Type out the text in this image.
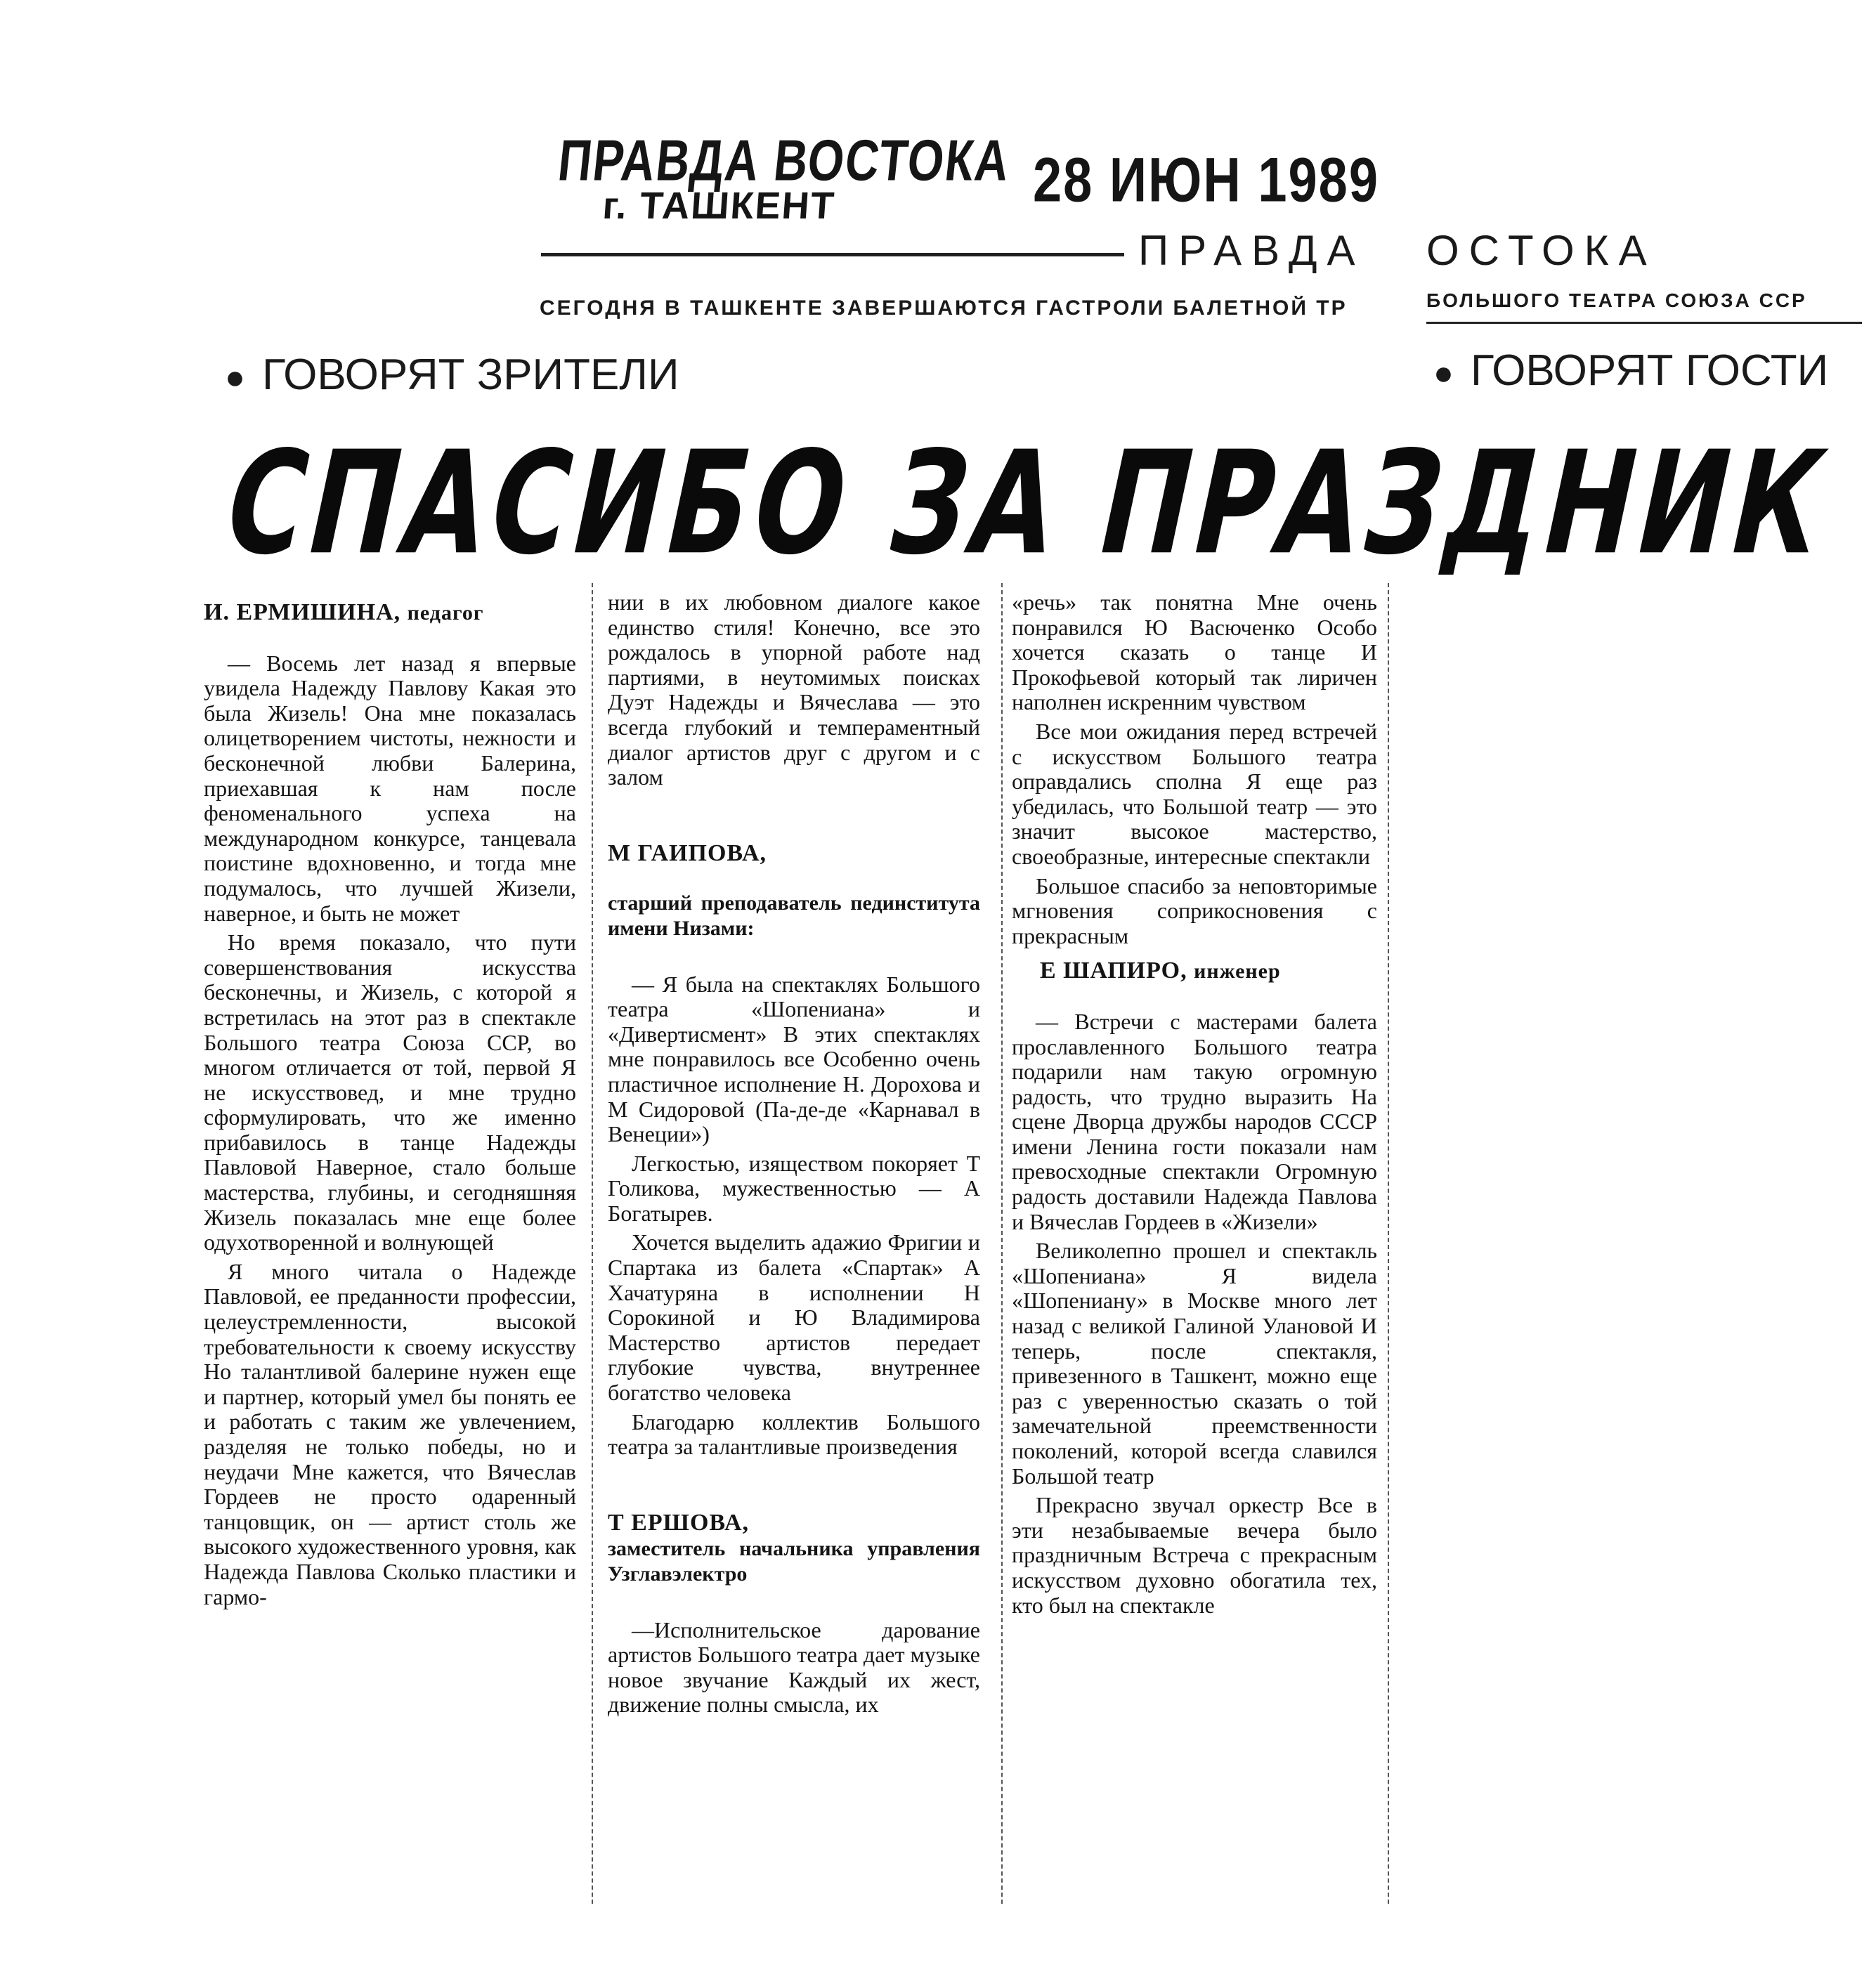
ПРАВДА ВОСТОКА
г. ТАШКЕНТ	28 ИЮН 1989
ПРАВДА ОСТОКА
СЕГОДНЯ В ТАШКЕНТЕ ЗАВЕРШАЮТСЯ ГАСТРОЛИ БАЛЕТНОЙ ТР	БОЛЬШОГО ТЕАТРА СОЮЗА ССР
● ГОВОРЯТ ЗРИТЕЛИ	● ГОВОРЯТ ГОСТИ
СПАСИБО ЗА ПРАЗДНИК
И. ЕРМИШИНА, педагог

— Восемь лет назад я впервые увидела Надежду Павлову Какая это была Жизель! Она мне показалась олицетворением чистоты, нежности и бесконечной любви Балерина, приехавшая к нам после феноменального успеха на международном конкурсе, танцевала поистине вдохновенно, и тогда мне подумалось, что лучшей Жизели, наверное, и быть не может

Но время показало, что пути совершенствования искусства бесконечны, и Жизель, с которой я встретилась на этот раз в спектакле Большого театра Союза ССР, во многом отличается от той, первой Я не искусствовед, и мне трудно сформулировать, что же именно прибавилось в танце Надежды Павловой Наверное, стало больше мастерства, глубины, и сегодняшняя Жизель показалась мне еще более одухотворенной и волнующей

Я много читала о Надежде Павловой, ее преданности профессии, целеустремленности, высокой требовательности к своему искусству Но талантливой балерине нужен еще и партнер, который умел бы понять ее и работать с таким же увлечением, разделяя не только победы, но и неудачи Мне кажется, что Вячеслав Гордеев не просто одаренный танцовщик, он — артист столь же высокого художественного уровня, как Надежда Павлова Сколько пластики и гармо-

нии в их любовном диалоге какое единство стиля! Конечно, все это рождалось в упорной работе над партиями, в неутомимых поисках Дуэт Надежды и Вячеслава — это всегда глубокий и темпераментный диалог артистов друг с другом и с залом

М ГАИПОВА,
старший преподаватель пединститута имени Низами:

— Я была на спектаклях Большого театра «Шопениана» и «Дивертисмент» В этих спектаклях мне понравилось все Особенно очень пластичное исполнение Н. Дорохова и М Сидоровой (Па-де-де «Карнавал в Венеции»)

Легкостью, изяществом покоряет Т Голикова, мужественностью — А Богатырев.

Хочется выделить адажио Фригии и Спартака из балета «Спартак» А Хачатуряна в исполнении Н Сорокиной и Ю Владимирова Мастерство артистов передает глубокие чувства, внутреннее богатство человека

Благодарю коллектив Большого театра за талантливые произведения

Т ЕРШОВА,
заместитель начальника управления Узглавэлектро

—Исполнительское дарование артистов Большого театра дает музыке новое звучание Каждый их жест, движение полны смысла, их

«речь» так понятна Мне очень понравился Ю Васюченко Особо хочется сказать о танце И Прокофьевой который так лиричен наполнен искренним чувством

Все мои ожидания перед встречей с искусством Большого театра оправдались сполна Я еще раз убедилась, что Большой театр — это значит высокое мастерство, своеобразные, интересные спектакли

Большое спасибо за неповторимые мгновения соприкосновения с прекрасным

Е ШАПИРО, инженер

— Встречи с мастерами балета прославленного Большого театра подарили нам такую огромную радость, что трудно выразить На сцене Дворца дружбы народов СССР имени Ленина гости показали нам превосходные спектакли Огромную радость доставили Надежда Павлова и Вячеслав Гордеев в «Жизели»

Великолепно прошел и спектакль «Шопениана» Я видела «Шопениану» в Москве много лет назад с великой Галиной Улановой И теперь, после спектакля, привезенного в Ташкент, можно еще раз с уверенностью сказать о той замечательной преемственности поколений, которой всегда славился Большой театр

Прекрасно звучал оркестр Все в эти незабываемые вечера было праздничным Встреча с прекрасным искусством духовно обогатила тех, кто был на спектакле
